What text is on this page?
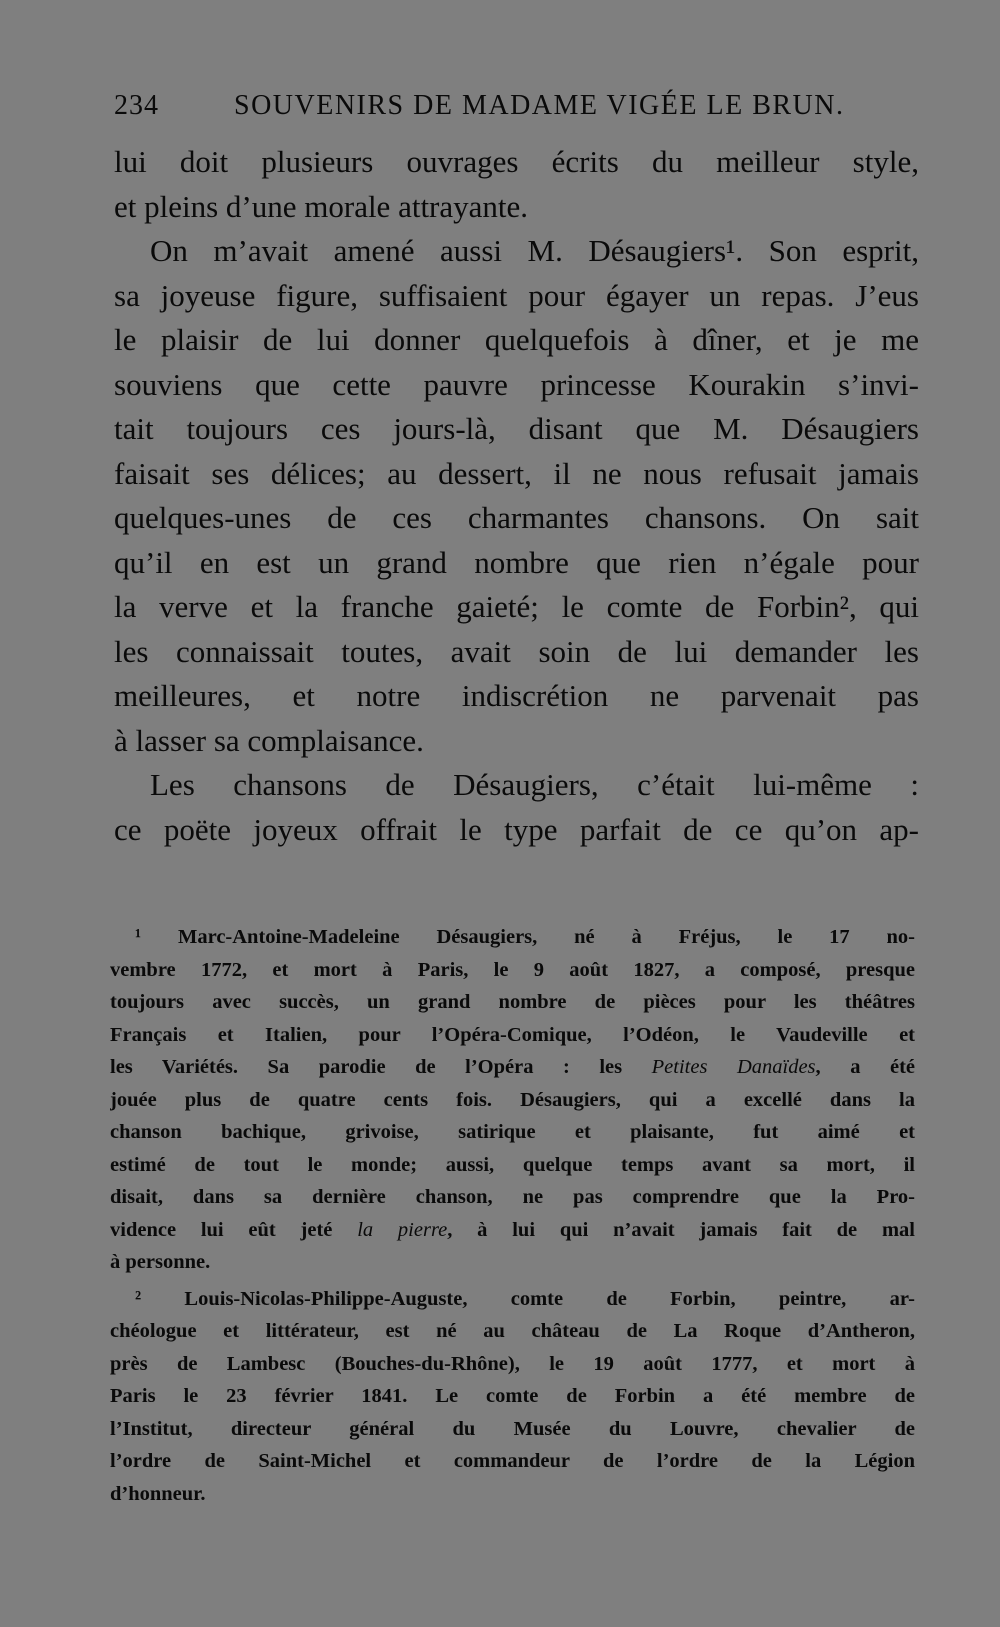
234	SOUVENIRS DE MADAME VIGÉE LE BRUN.
lui doit plusieurs ouvrages écrits du meilleur style,
et pleins d’une morale attrayante.
On m’avait amené aussi M. Désaugiers¹. Son esprit,
sa joyeuse figure, suffisaient pour égayer un repas. J’eus
le plaisir de lui donner quelquefois à dîner, et je me
souviens que cette pauvre princesse Kourakin s’invi-
tait toujours ces jours-là, disant que M. Désaugiers
faisait ses délices; au dessert, il ne nous refusait jamais
quelques-unes de ces charmantes chansons. On sait
qu’il en est un grand nombre que rien n’égale pour
la verve et la franche gaieté; le comte de Forbin², qui
les connaissait toutes, avait soin de lui demander les
meilleures, et notre indiscrétion ne parvenait pas
à lasser sa complaisance.
Les chansons de Désaugiers, c’était lui-même :
ce poëte joyeux offrait le type parfait de ce qu’on ap-
¹ Marc-Antoine-Madeleine Désaugiers, né à Fréjus, le 17 no-
vembre 1772, et mort à Paris, le 9 août 1827, a composé, presque
toujours avec succès, un grand nombre de pièces pour les théâtres
Français et Italien, pour l’Opéra-Comique, l’Odéon, le Vaudeville et
les Variétés. Sa parodie de l’Opéra : les Petites Danaïdes, a été
jouée plus de quatre cents fois. Désaugiers, qui a excellé dans la
chanson bachique, grivoise, satirique et plaisante, fut aimé et
estimé de tout le monde; aussi, quelque temps avant sa mort, il
disait, dans sa dernière chanson, ne pas comprendre que la Pro-
vidence lui eût jeté la pierre, à lui qui n’avait jamais fait de mal
à personne.
² Louis-Nicolas-Philippe-Auguste, comte de Forbin, peintre, ar-
chéologue et littérateur, est né au château de La Roque d’Antheron,
près de Lambesc (Bouches-du-Rhône), le 19 août 1777, et mort à
Paris le 23 février 1841. Le comte de Forbin a été membre de
l’Institut, directeur général du Musée du Louvre, chevalier de
l’ordre de Saint-Michel et commandeur de l’ordre de la Légion
d’honneur.
